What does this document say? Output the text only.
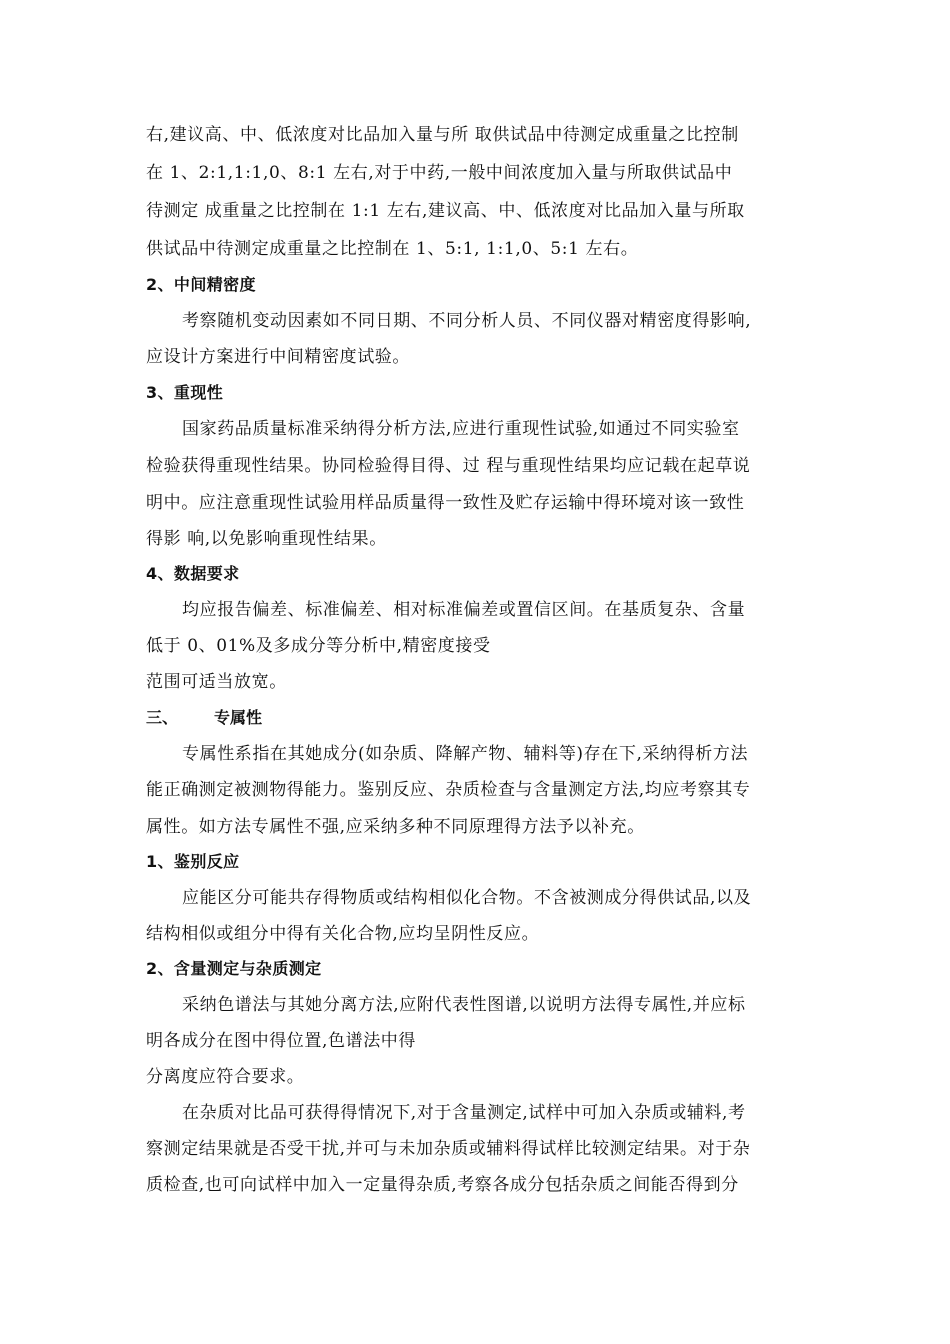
右,建议高、中、低浓度对比品加入量与所 取供试品中待测定成重量之比控制
在 1、2:1,1:1,0、8:1 左右,对于中药,一般中间浓度加入量与所取供试品中
待测定 成重量之比控制在 1:1 左右,建议高、中、低浓度对比品加入量与所取
供试品中待测定成重量之比控制在 1、5:1, 1:1,0、5:1 左右。
2、中间精密度
考察随机变动因素如不同日期、不同分析人员、不同仪器对精密度得影响,
应设计方案进行中间精密度试验。
3、重现性
国家药品质量标准采纳得分析方法,应进行重现性试验,如通过不同实验室
检验获得重现性结果。协同检验得目得、过 程与重现性结果均应记载在起草说
明中。应注意重现性试验用样品质量得一致性及贮存运输中得环境对该一致性
得影 响,以免影响重现性结果。
4、数据要求
均应报告偏差、标准偏差、相对标准偏差或置信区间。在基质复杂、含量
低于 0、01%及多成分等分析中,精密度接受
范围可适当放宽。
三、 专属性
专属性系指在其她成分(如杂质、降解产物、辅料等)存在下,采纳得析方法
能正确测定被测物得能力。鉴别反应、杂质检查与含量测定方法,均应考察其专
属性。如方法专属性不强,应采纳多种不同原理得方法予以补充。
1、鉴别反应
应能区分可能共存得物质或结构相似化合物。不含被测成分得供试品,以及
结构相似或组分中得有关化合物,应均呈阴性反应。
2、含量测定与杂质测定
采纳色谱法与其她分离方法,应附代表性图谱,以说明方法得专属性,并应标
明各成分在图中得位置,色谱法中得
分离度应符合要求。
在杂质对比品可获得得情况下,对于含量测定,试样中可加入杂质或辅料,考
察测定结果就是否受干扰,并可与未加杂质或辅料得试样比较测定结果。对于杂
质检查,也可向试样中加入一定量得杂质,考察各成分包括杂质之间能否得到分
